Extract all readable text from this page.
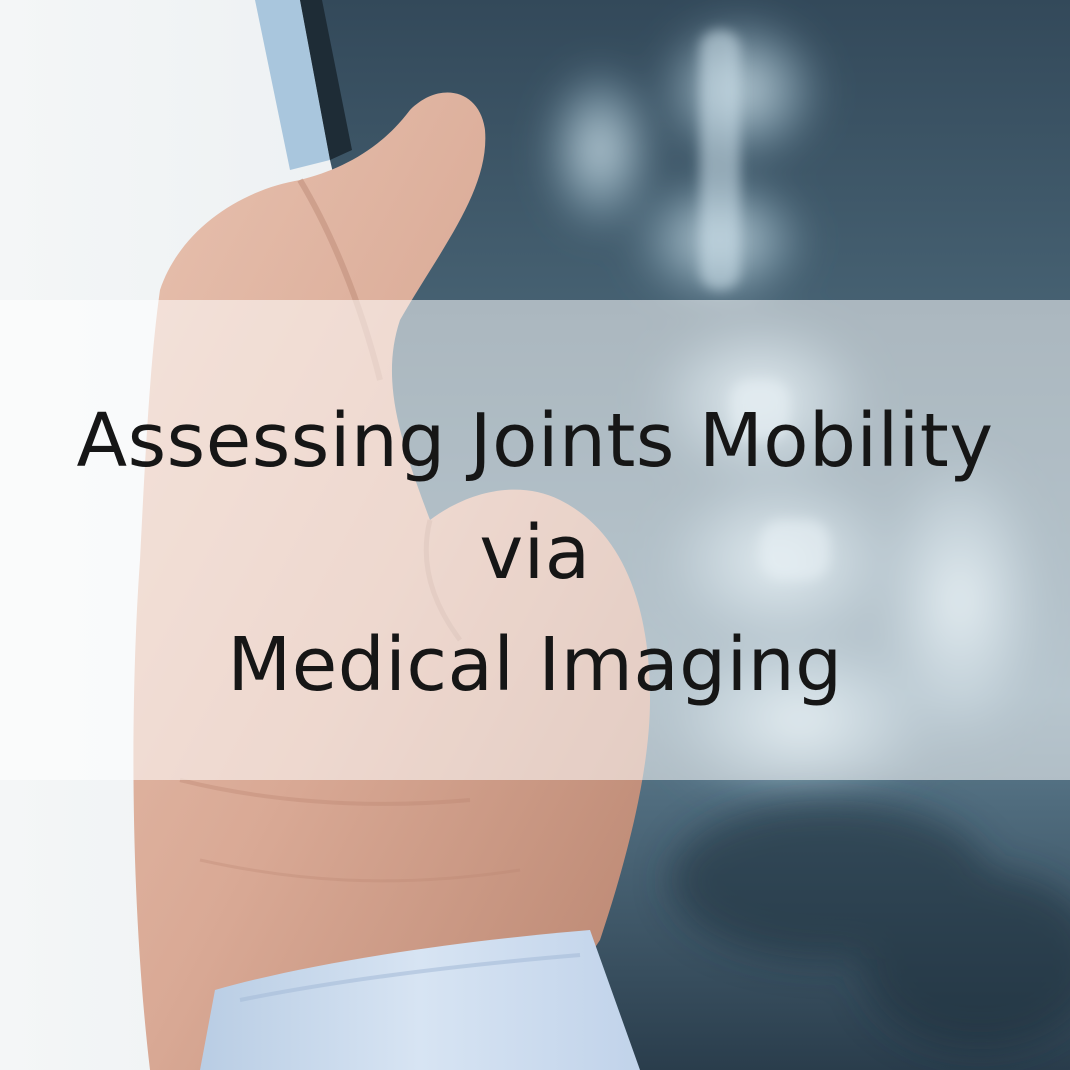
Assessing Joints Mobility
via
Medical Imaging
